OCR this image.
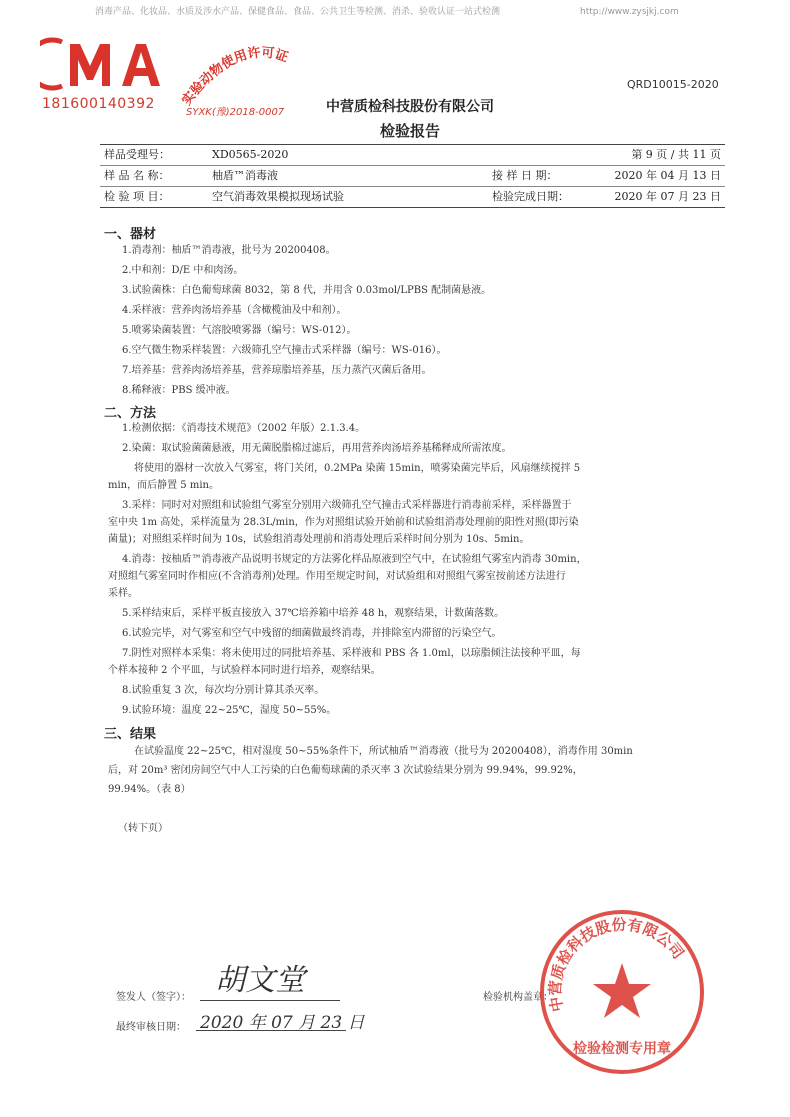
消毒产品、化妆品、水质及涉水产品、保健食品、食品、公共卫生等检测、消杀、验收认证一站式检测	http://www.zysjkj.com
181600140392 实验动物使用许可证
SYXK(豫)2018-0007
QRD10015-2020
中营质检科技股份有限公司
检验报告
样品受理号：	XD0565-2020	第 9 页 / 共 11 页
样 品 名 称：	柚盾™消毒液	接 样 日 期：	2020 年 04 月 13 日
检 验 项 目：	空气消毒效果模拟现场试验	检验完成日期：	2020 年 07 月 23 日
一、器材
1.消毒剂：柚盾™消毒液，批号为 20200408。
2.中和剂：D/E 中和肉汤。
3.试验菌株：白色葡萄球菌 8032，第 8 代，并用含 0.03mol/LPBS 配制菌悬液。
4.采样液：营养肉汤培养基（含橄榄油及中和剂）。
5.喷雾染菌装置：气溶胶喷雾器（编号：WS-012）。
6.空气微生物采样装置：六级筛孔空气撞击式采样器（编号：WS-016）。
7.培养基：营养肉汤培养基，营养琼脂培养基，压力蒸汽灭菌后备用。
8.稀释液：PBS 缓冲液。
二、方法
1.检测依据：《消毒技术规范》（2002 年版）2.1.3.4。
2.染菌：取试验菌菌悬液，用无菌脱脂棉过滤后，再用营养肉汤培养基稀释成所需浓度。
将使用的器材一次放入气雾室，将门关闭，0.2MPa 染菌 15min，喷雾染菌完毕后，风扇继续搅拌 5
min，而后静置 5 min。
3.采样：同时对对照组和试验组气雾室分别用六级筛孔空气撞击式采样器进行消毒前采样，采样器置于
室中央 1m 高处，采样流量为 28.3L/min，作为对照组试验开始前和试验组消毒处理前的阳性对照(即污染
菌量)；对照组采样时间为 10s，试验组消毒处理前和消毒处理后采样时间分别为 10s、5min。
4.消毒：按柚盾™消毒液产品说明书规定的方法雾化样品原液到空气中，在试验组气雾室内消毒 30min，
对照组气雾室同时作相应(不含消毒剂)处理。作用至规定时间，对试验组和对照组气雾室按前述方法进行
采样。
5.采样结束后，采样平板直接放入 37℃培养箱中培养 48 h，观察结果，计数菌落数。
6.试验完毕，对气雾室和空气中残留的细菌做最终消毒，并排除室内滞留的污染空气。
7.阴性对照样本采集：将未使用过的同批培养基、采样液和 PBS 各 1.0ml，以琼脂倾注法接种平皿，每
个样本接种 2 个平皿，与试验样本同时进行培养，观察结果。
8.试验重复 3 次，每次均分别计算其杀灭率。
9.试验环境：温度 22~25℃，湿度 50~55%。
三、结果
在试验温度 22~25℃，相对湿度 50~55%条件下，所试柚盾™消毒液（批号为 20200408），消毒作用 30min
后，对 20m³ 密闭房间空气中人工污染的白色葡萄球菌的杀灭率 3 次试验结果分别为 99.94%，99.92%，
99.94%。（表 8）
（转下页）
签发人（签字）： 胡文堂
最终审核日期： 2020 年 07 月 23 日
检验机构盖章：
中营质检科技股份有限公司
检验检测专用章
